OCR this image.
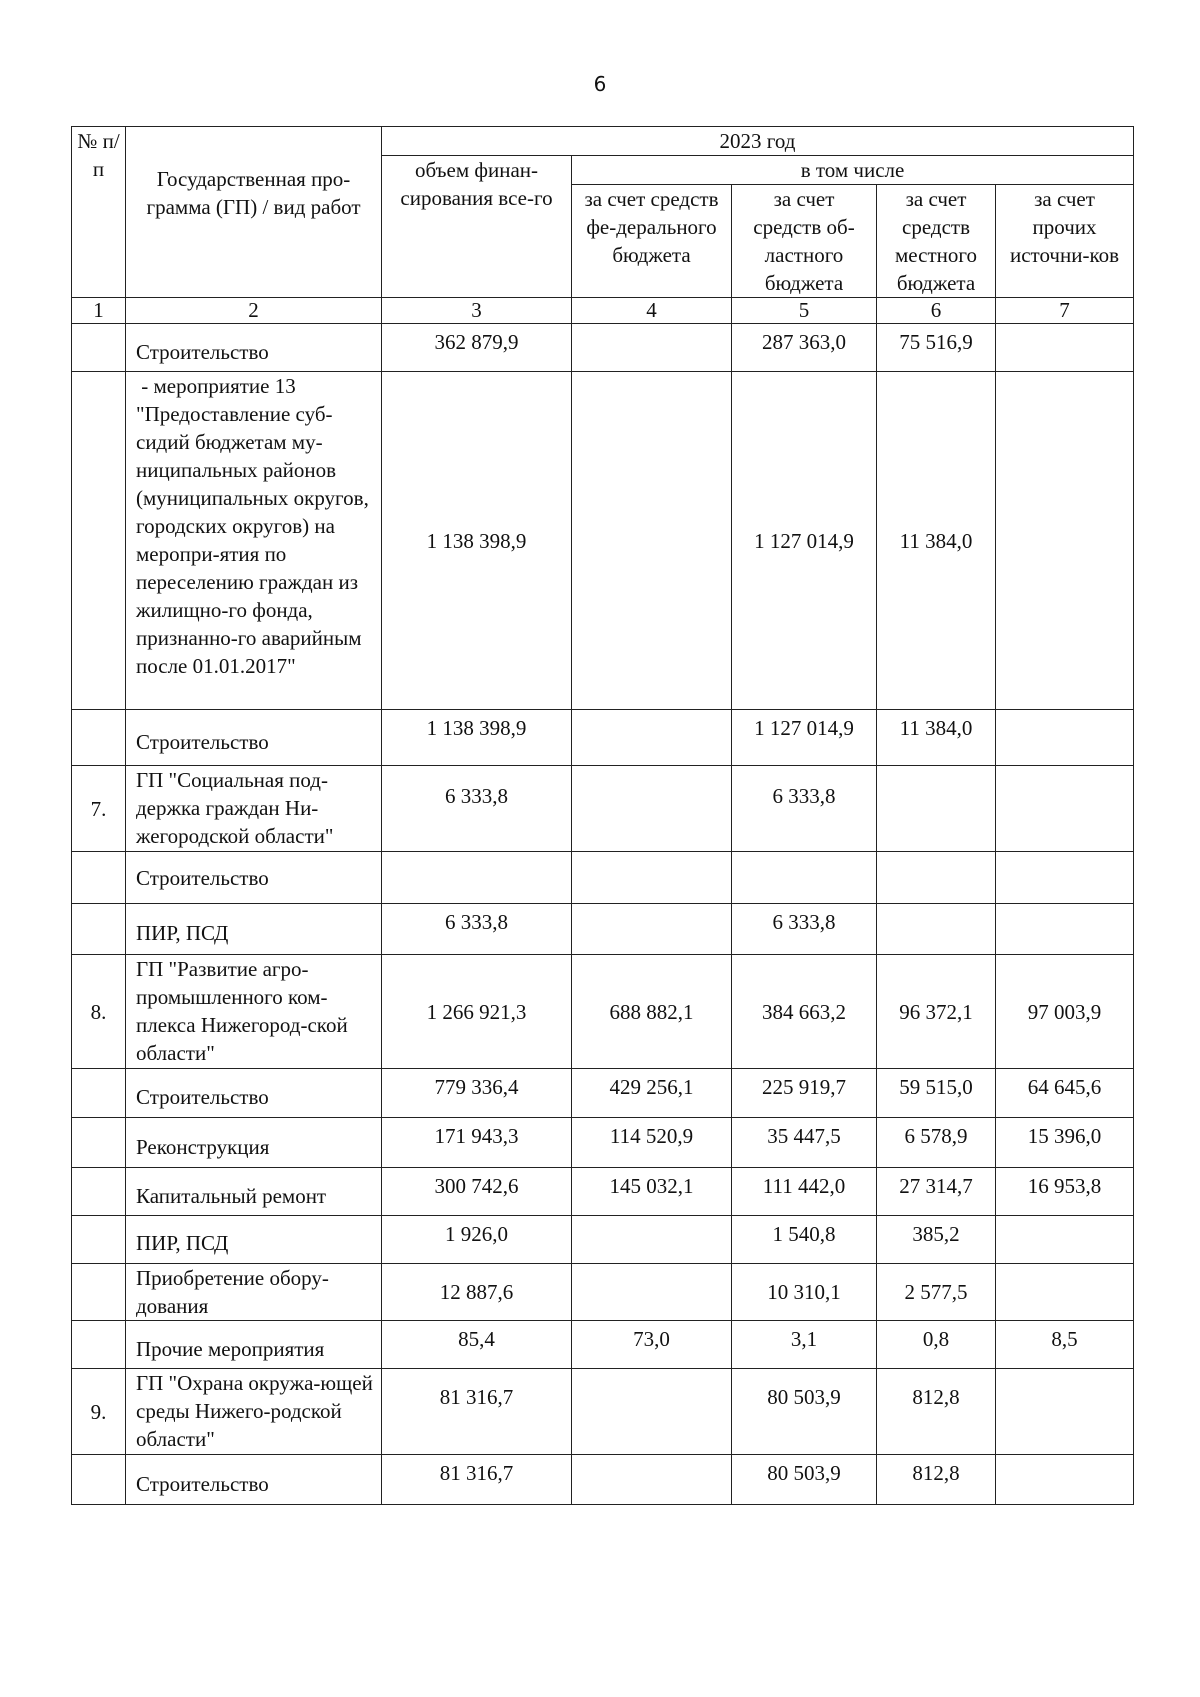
6
№ п/ п	Государственная про-грамма (ГП) / вид работ	2023 год				
		объем финан-сирования все-го	в том числе			
			за счет средств фе-дерального бюджета	за счет средств об-ластного бюджета	за счет средств местного бюджета	за счет прочих источни-ков
1	2	3	4	5	6	7
	Строительство	362 879,9		287 363,0	75 516,9	
	- мероприятие 13 "Предоставление суб-сидий бюджетам му-ниципальных районов (муниципальных округов, городских округов) на меропри-ятия по переселению граждан из жилищно-го фонда, признанно-го аварийным после 01.01.2017"	1 138 398,9		1 127 014,9	11 384,0	
	Строительство	1 138 398,9		1 127 014,9	11 384,0	
7.	ГП "Социальная под-держка граждан Ни-жегородской области"	6 333,8		6 333,8		
	Строительство					
	ПИР, ПСД	6 333,8		6 333,8		
8.	ГП "Развитие агро-промышленного ком-плекса Нижегород-ской области"	1 266 921,3	688 882,1	384 663,2	96 372,1	97 003,9
	Строительство	779 336,4	429 256,1	225 919,7	59 515,0	64 645,6
	Реконструкция	171 943,3	114 520,9	35 447,5	6 578,9	15 396,0
	Капитальный ремонт	300 742,6	145 032,1	111 442,0	27 314,7	16 953,8
	ПИР, ПСД	1 926,0		1 540,8	385,2	
	Приобретение обору-дования	12 887,6		10 310,1	2 577,5	
	Прочие мероприятия	85,4	73,0	3,1	0,8	8,5
9.	ГП "Охрана окружа-ющей среды Нижего-родской области"	81 316,7		80 503,9	812,8	
	Строительство	81 316,7		80 503,9	812,8	
